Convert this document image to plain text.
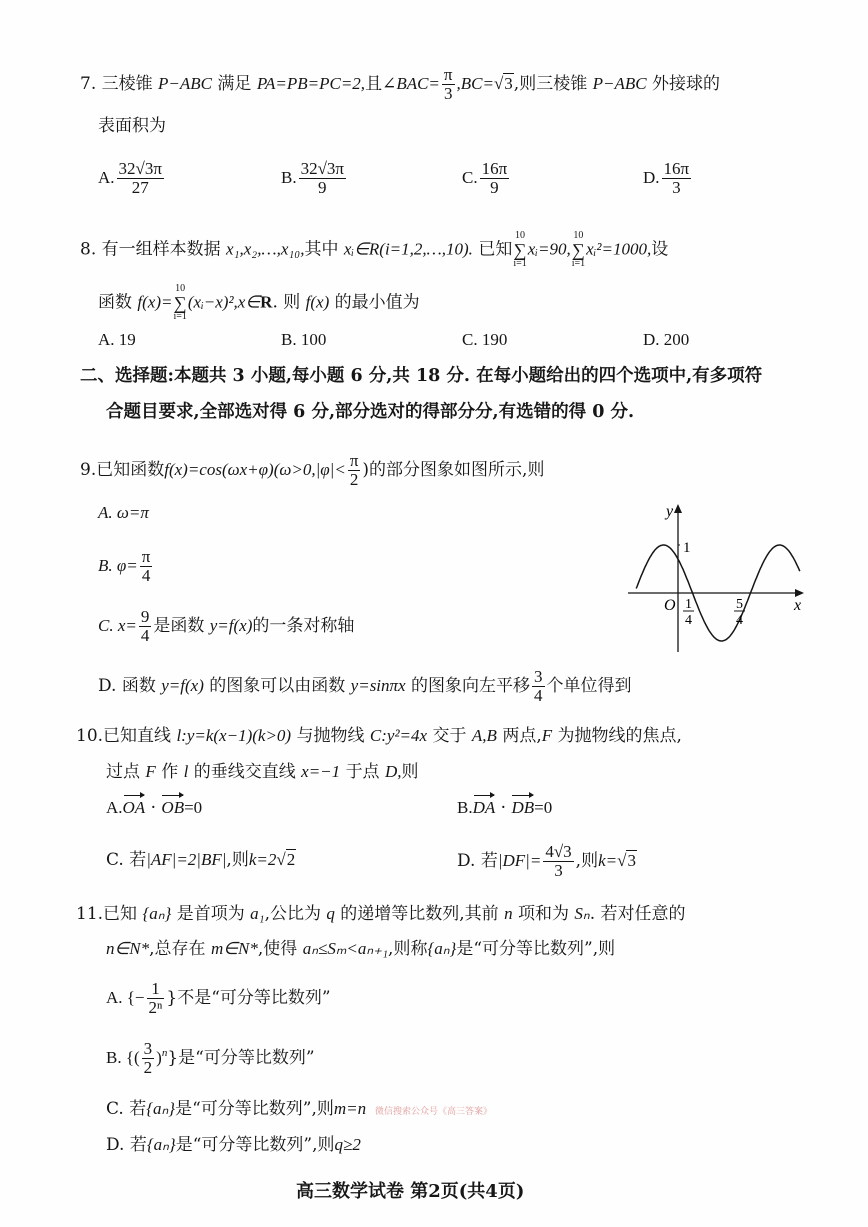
7. 三棱锥 P−ABC 满足 PA=PB=PC=2,且∠BAC= $\frac{\pi}{3} ,BC=√3$,则三棱锥 P−ABC 外接球的
表面积为
A. $\frac{32√3\pi}{27}$	B. $\frac{32√3\pi}{9}$	C. $\frac{16\pi}{9}$	D. $\frac{16\pi}{3}$
8. 有一组样本数据 x₁,x₂,…,x₁₀,其中 xᵢ∈R(i=1,2,…,10). 已知
10
∑
i=1
xᵢ=90,
10
∑
i=1
xᵢ²=1000,设
函数 f(x)=
10
∑
i=1
(xᵢ−x)²,x∈R. 则 f(x) 的最小值为
A. 19	B. 100	C. 190	D. 200
二、选择题:本题共 3 小题,每小题 6 分,共 18 分. 在每小题给出的四个选项中,有多项符
合题目要求,全部选对得 6 分,部分选对的得部分分,有选错的得 0 分.
9.已知函数$f(x)=\cos(\omega x+\varphi)(\omega>0,|\varphi|< \frac{\pi}{2}$ )的部分图象如图所示,则
A. ω=π
B. $\varphi= \frac{\pi}{4}$
C. $x= \frac{9}{4}$ 是函数 y=f(x)的一条对称轴
D. 函数 y=f(x) 的图象可以由函数 y=sinπx 的图象向左平移 $\frac{3}{4}$ 个单位得到
y
x
O
1
1
4
5
4
10.已知直线 l:y=k(x−1)(k>0) 与抛物线 C:y²=4x 交于 A,B 两点,F 为抛物线的焦点,
过点 F 作 l 的垂线交直线 x=−1 于点 D,则
A.OA · OB=0	B.DA · DB=0
C. 若|AF|=2|BF|,则k=2√2	D. 若$|DF|= \frac{4√3}{3}$ ,则k=√3
11.已知 {aₙ} 是首项为 a₁,公比为 q 的递增等比数列,其前 n 项和为 Sₙ. 若对任意的
n∈N*,总存在 m∈N*,使得 aₙ≤Sₘ<aₙ₊₁,则称{aₙ}是“可分等比数列”,则
A. {− $\frac{1}{\text{2ⁿ}}$ }不是“可分等比数列”
B. {( $\frac{3}{2} )^n$}是“可分等比数列”
C. 若{aₙ}是“可分等比数列”,则m=n 微信搜索公众号《高三答案》
D. 若{aₙ}是“可分等比数列”,则q≥2
高三数学试卷 第2页(共4页)
